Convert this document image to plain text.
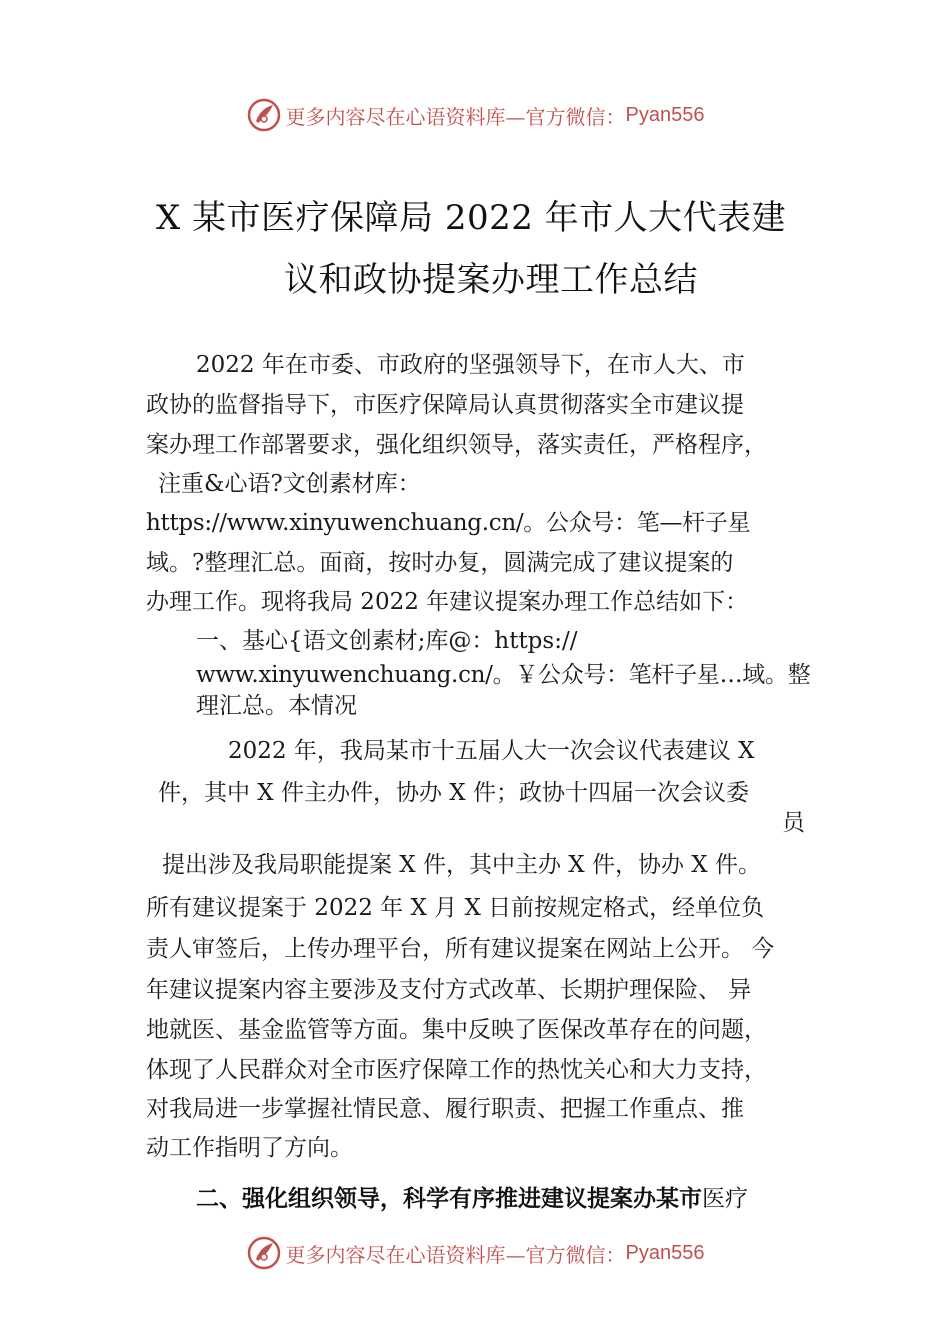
更多内容尽在心语资料库—官方微信： Pyan556
X 某市医疗保障局 2022 年市人大代表建
议和政协提案办理工作总结
2022 年在市委、市政府的坚强领导下，在市人大、市
政协的监督指导下，市医疗保障局认真贯彻落实全市建议提
案办理工作部署要求，强化组织领导，落实责任，严格程序，
注重&心语?文创素材库：
https://www.xinyuwenchuang.cn/。公众号：笔—杆子星
域。?整理汇总。面商，按时办复，圆满完成了建议提案的
办理工作。现将我局 2022 年建议提案办理工作总结如下：
一、基心{语文创素材;库@：https://
www.xinyuwenchuang.cn/。￥公众号：笔杆子星…域。整
理汇总。本情况
2022 年，我局某市十五届人大一次会议代表建议 X
件，其中 X 件主办件，协办 X 件；政协十四届一次会议委
员
提出涉及我局职能提案 X 件，其中主办 X 件，协办 X 件。
所有建议提案于 2022 年 X 月 X 日前按规定格式，经单位负
责人审签后，上传办理平台，所有建议提案在网站上公开。 今
年建议提案内容主要涉及支付方式改革、长期护理保险、 异
地就医、基金监管等方面。集中反映了医保改革存在的问题，
体现了人民群众对全市医疗保障工作的热忱关心和大力支持，
对我局进一步掌握社情民意、履行职责、把握工作重点、推
动工作指明了方向。
二、强化组织领导，科学有序推进建议提案办某市医疗
更多内容尽在心语资料库—官方微信： Pyan556
